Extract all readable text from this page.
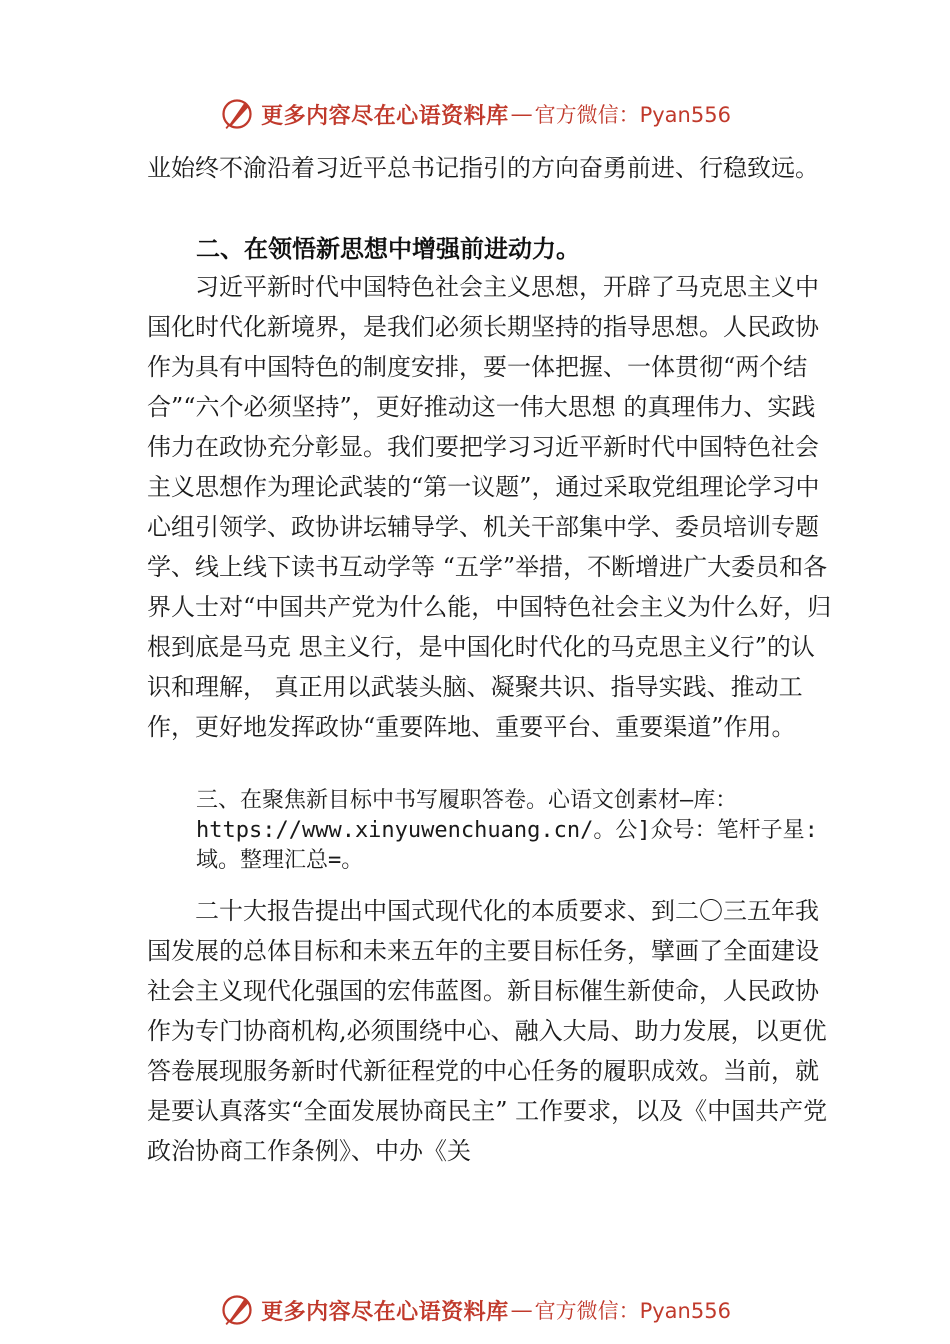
更多内容尽在心语资料库 — 官方微信：Pyan556
业始终不渝沿着习近平总书记指引的方向奋勇前进、行稳致远。
二、在领悟新思想中增强前进动力。
习近平新时代中国特色社会主义思想，开辟了马克思主义中国化时代化新境界，是我们必须长期坚持的指导思想。人民政协作为具有中国特色的制度安排，要一体把握、一体贯彻“两个结合”“六个必须坚持”，更好推动这一伟大思想 的真理伟力、实践伟力在政协充分彰显。我们要把学习习近平新时代中国特色社会主义思想作为理论武装的“第一议题”，通过采取党组理论学习中心组引领学、政协讲坛辅导学、机关干部集中学、委员培训专题学、线上线下读书互动学等 “五学”举措，不断增进广大委员和各界人士对“中国共产党为什么能，中国特色社会主义为什么好，归根到底是马克 思主义行，是中国化时代化的马克思主义行”的认识和理解， 真正用以武装头脑、凝聚共识、指导实践、推动工作，更好地发挥政协“重要阵地、重要平台、重要渠道”作用。
三、在聚焦新目标中书写履职答卷。心语文创素材—库：https://www.xinyuwenchuang.cn/。公]众号：笔杆子星:域。整理汇总=。
二十大报告提出中国式现代化的本质要求、到二〇三五年我国发展的总体目标和未来五年的主要目标任务，擘画了全面建设社会主义现代化强国的宏伟蓝图。新目标催生新使命，人民政协作为专门协商机构,必须围绕中心、融入大局、助力发展，以更优答卷展现服务新时代新征程党的中心任务的履职成效。当前，就是要认真落实“全面发展协商民主” 工作要求，以及《中国共产党政治协商工作条例》、中办《关
更多内容尽在心语资料库 — 官方微信：Pyan556
